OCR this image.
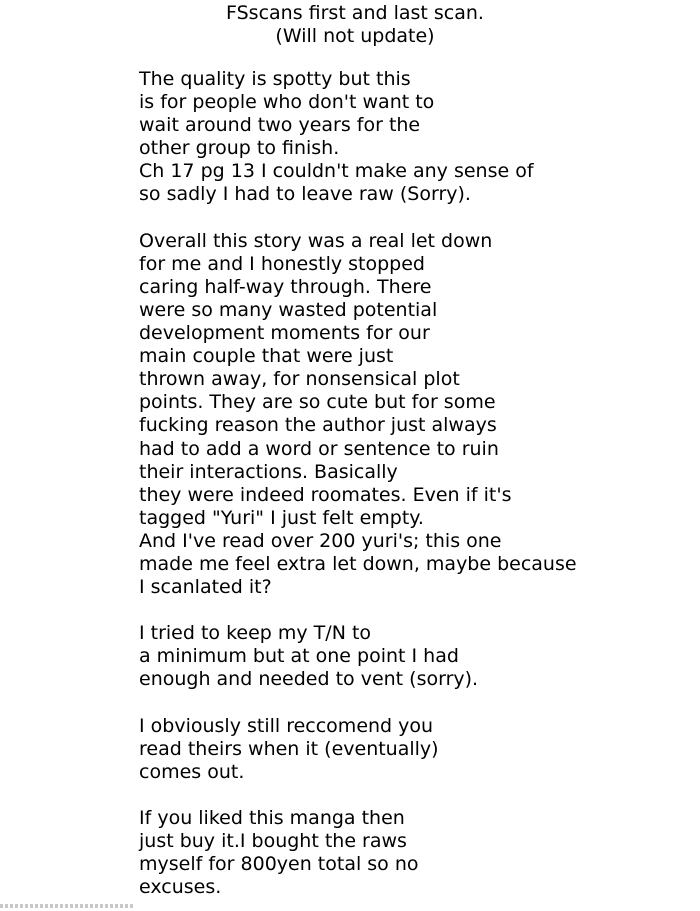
FSscans first and last scan.
(Will not update)
The quality is spotty but this
is for people who don't want to
wait around two years for the
other group to finish.
Ch 17 pg 13 I couldn't make any sense of
so sadly I had to leave raw (Sorry).
Overall this story was a real let down
for me and I honestly stopped
caring half-way through. There
were so many wasted potential
development moments for our
main couple that were just
thrown away, for nonsensical plot
points. They are so cute but for some
fucking reason the author just always
had to add a word or sentence to ruin
their interactions. Basically
they were indeed roomates. Even if it's
tagged "Yuri" I just felt empty.
And I've read over 200 yuri's; this one
made me feel extra let down, maybe because
I scanlated it?
I tried to keep my T/N to
a minimum but at one point I had
enough and needed to vent (sorry).
I obviously still reccomend you
read theirs when it (eventually)
comes out.
If you liked this manga then
just buy it.I bought the raws
myself for 800yen total so no
excuses.
